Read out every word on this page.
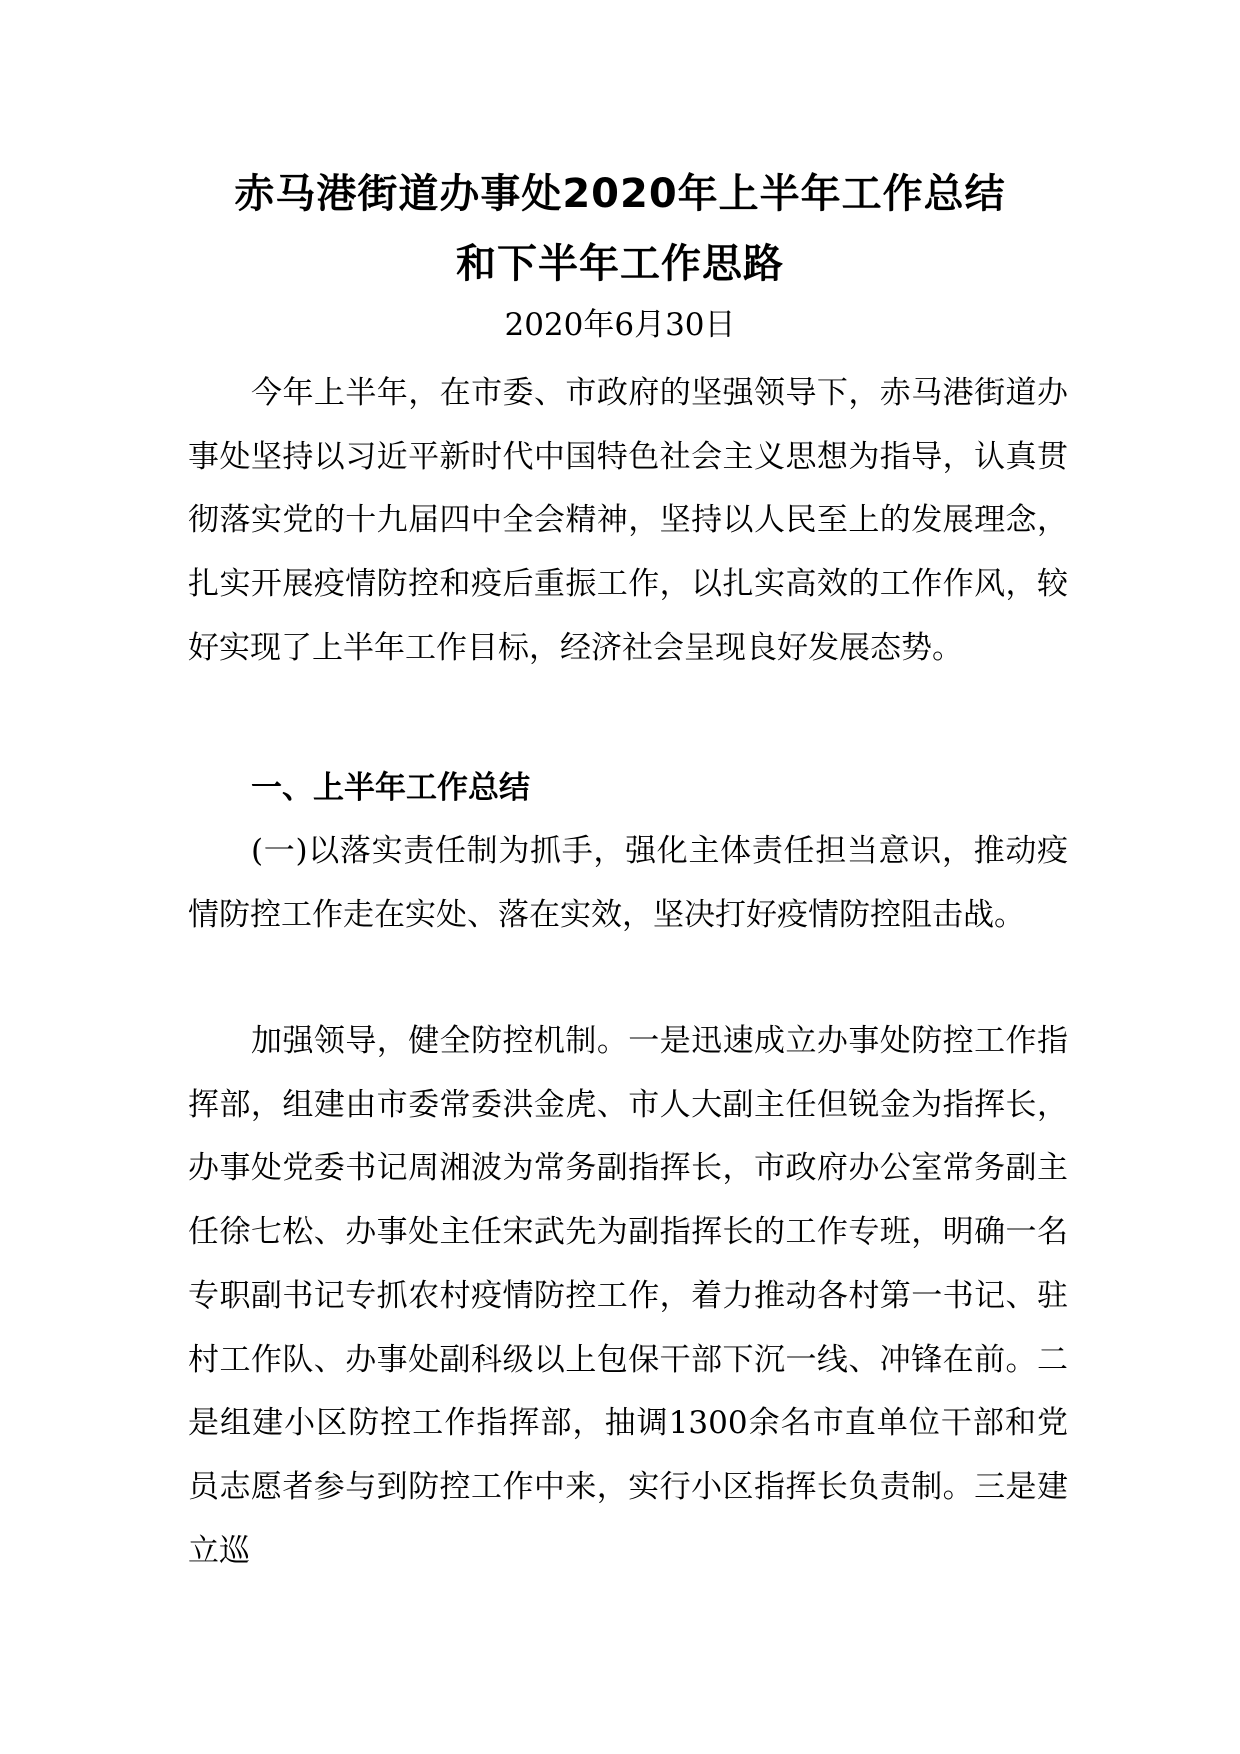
赤马港街道办事处2020年上半年工作总结
和下半年工作思路
2020年6月30日

今年上半年，在市委、市政府的坚强领导下，赤马港街道办事处坚持以习近平新时代中国特色社会主义思想为指导，认真贯彻落实党的十九届四中全会精神，坚持以人民至上的发展理念，扎实开展疫情防控和疫后重振工作，以扎实高效的工作作风，较好实现了上半年工作目标，经济社会呈现良好发展态势。

一、上半年工作总结

(一)以落实责任制为抓手，强化主体责任担当意识，推动疫情防控工作走在实处、落在实效，坚决打好疫情防控阻击战。

加强领导，健全防控机制。一是迅速成立办事处防控工作指挥部，组建由市委常委洪金虎、市人大副主任但锐金为指挥长，办事处党委书记周湘波为常务副指挥长，市政府办公室常务副主任徐七松、办事处主任宋武先为副指挥长的工作专班，明确一名专职副书记专抓农村疫情防控工作，着力推动各村第一书记、驻村工作队、办事处副科级以上包保干部下沉一线、冲锋在前。二是组建小区防控工作指挥部，抽调1300余名市直单位干部和党员志愿者参与到防控工作中来，实行小区指挥长负责制。三是建立巡
